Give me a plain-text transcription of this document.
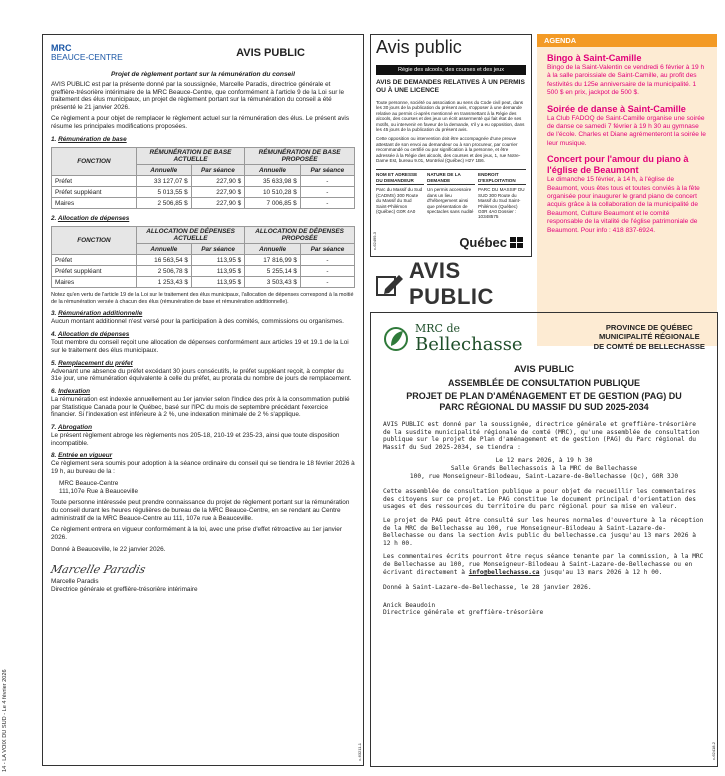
14 - LA VOIX DU SUD - Le 4 février 2026
MRC
BEAUCE-CENTRE	AVIS PUBLIC
Projet de règlement portant sur la rémunération du conseil

AVIS PUBLIC est par la présente donné par la soussignée, Marcelle Paradis, directrice générale et greffière-trésorière intérimaire de la MRC Beauce-Centre, que conformément à l'article 9 de la Loi sur le traitement des élus municipaux, un projet de règlement portant sur la rémunération du conseil a été présenté le 21 janvier 2026.

Ce règlement a pour objet de remplacer le règlement actuel sur la rémunération des élus. Le présent avis résume les principales modifications proposées.

1. Rémunération de base
FONCTION	RÉMUNÉRATION DE BASE ACTUELLE		RÉMUNÉRATION DE BASE PROPOSÉE	
	Annuelle	Par séance	Annuelle	Par séance
Préfet	33 127,07 $	227,90 $	35 633,98 $	-
Préfet suppléant	5 013,55 $	227,90 $	10 510,28 $	-
Maires	2 506,85 $	227,90 $	7 006,85 $	-
2. Allocation de dépenses
FONCTION	ALLOCATION DE DÉPENSES ACTUELLE		ALLOCATION DE DÉPENSES PROPOSÉE	
	Annuelle	Par séance	Annuelle	Par séance
Préfet	16 563,54 $	113,95 $	17 816,99 $	-
Préfet suppléant	2 506,78 $	113,95 $	5 255,14 $	-
Maires	1 253,43 $	113,95 $	3 503,43 $	-

Notez qu'en vertu de l'article 19 de la Loi sur le traitement des élus municipaux, l'allocation de dépenses correspond à la moitié de la rémunération versée à chacun des élus (rémunération de base et rémunération additionnelle).

3. Rémunération additionnelle

Aucun montant additionnel n'est versé pour la participation à des comités, commissions ou organismes.

4. Allocation de dépenses

Tout membre du conseil reçoit une allocation de dépenses conformément aux articles 19 et 19.1 de la Loi sur le traitement des élus municipaux.

5. Remplacement du préfet

Advenant une absence du préfet excédant 30 jours consécutifs, le préfet suppléant reçoit, à compter du 31e jour, une rémunération équivalente à celle du préfet, au prorata du nombre de jours de remplacement.

6. Indexation

La rémunération est indexée annuellement au 1er janvier selon l'Indice des prix à la consommation publié par Statistique Canada pour le Québec, basé sur l'IPC du mois de septembre précédant l'exercice financier. Si l'indexation est inférieure à 2 %, une indexation minimale de 2 % s'applique.

7. Abrogation

Le présent règlement abroge les règlements nos 205-18, 210-19 et 235-23, ainsi que toute disposition incompatible.

8. Entrée en vigueur

Ce règlement sera soumis pour adoption à la séance ordinaire du conseil qui se tiendra le 18 février 2026 à 19 h, au bureau de la :

MRC Beauce-Centre

111,107e Rue à Beauceville

Toute personne intéressée peut prendre connaissance du projet de règlement portant sur la rémunération du conseil durant les heures régulières de bureau de la MRC Beauce-Centre, en se rendant au Centre administratif de la MRC Beauce-Centre au 111, 107e rue à Beauceville.

Ce règlement entrera en vigueur conformément à la loi, avec une prise d'effet rétroactive au 1er janvier 2026.

Donné à Beauceville, le 22 janvier 2026.

Marcelle Paradis

Marcelle Paradis

Directrice générale et greffière-trésorière intérimaire

c-63211-1
Avis public
Régie des alcools, des courses et des jeux
AVIS DE DEMANDES RELATIVES À UN PERMIS OU À UNE LICENCE

Toute personne, société ou association au sens du Code civil peut, dans les 30 jours de la publication du présent avis, s'opposer à une demande relative au permis ci-après mentionné en transmettant à la Régie des alcools, des courses et des jeux un écrit assermenté qui fait état de ses motifs, ou intervenir en faveur de la demande, s'il y a eu opposition, dans les 45 jours de la publication du présent avis.

Cette opposition ou intervention doit être accompagnée d'une preuve attestant de son envoi au demandeur ou à son procureur, par courrier recommandé ou certifié ou par signification à la personne, et être adressée à la Régie des alcools, des courses et des jeux, 1, rue Notre-Dame Est, bureau 9.01, Montréal (Québec) H2Y 1B6.

NOM ET ADRESSE DU DEMANDEUR
Parc du Massif du Sud (CADMS) 300 Route du Massif du Sud Saint-Philémon (Québec) G0R 4A0
NATURE DE LA DEMANDE
Un permis accessoire dans un lieu d'hébergement ainsi que présentation de spectacles sans nudité
ENDROIT D'EXPLOITATION
PARC DU MASSIF DU SUD 300 Route du Massif du Sud Saint-Philémon (Québec) G0R 4A0 Dossier : 10348575
Québec
c-62499-3
AGENDA
Bingo à Saint-Camille
Bingo de la Saint-Valentin ce vendredi 6 février à 19 h à la salle paroissiale de Saint-Camille, au profit des festivités du 125e anniversaire de la municipalité. 1 500 $ en prix, jackpot de 500 $.
Soirée de danse à Saint-Camille
La Club FADOQ de Saint-Camille organise une soirée de danse ce samedi 7 février à 19 h 30 au gymnase de l'école. Charles et Diane agrémenteront la soirée le leur musique.
Concert pour l'amour du piano à l'église de Beaumont
Le dimanche 15 février, à 14 h, à l'église de Beaumont, vous êtes tous et toutes conviés à la fête organisée pour inaugurer le grand piano de concert acquis grâce à la collaboration de la municipalité de Beaumont, Culture Beaumont et le comité responsable de la vitalité de l'église patrimoniale de Beaumont. Pour info : 418 837-6924.
AVIS PUBLIC
MRC de
Bellechasse
PROVINCE DE QUÉBEC
MUNICIPALITÉ RÉGIONALE
DE COMTÉ DE BELLECHASSE
AVIS PUBLIC
ASSEMBLÉE DE CONSULTATION PUBLIQUE
PROJET DE PLAN D'AMÉNAGEMENT ET DE GESTION (PAG) DU PARC RÉGIONAL DU MASSIF DU SUD 2025-2034

AVIS PUBLIC est donné par la soussignée, directrice générale et greffière-trésorière de la susdite municipalité régionale de comté (MRC), qu'une assemblée de consultation publique sur le projet de Plan d'aménagement et de gestion (PAG) du Parc régional du Massif du Sud 2025-2034, se tiendra :

Le 12 mars 2026, à 19 h 30
Salle Grands Bellechassois à la MRC de Bellechasse
100, rue Monseigneur-Bilodeau, Saint-Lazare-de-Bellechasse (Qc), G0R 3J0

Cette assemblée de consultation publique a pour objet de recueillir les commentaires des citoyens sur ce projet. Le PAG constitue le document principal d'orientation des usages et des ressources du territoire du parc régional pour sa mise en valeur.

Le projet de PAG peut être consulté sur les heures normales d'ouverture à la réception de la MRC de Bellechasse au 100, rue Monseigneur-Bilodeau à Saint-Lazare-de-Bellechasse ou dans la section Avis public du bellechasse.ca jusqu'au 13 mars 2026 à 12 h 00.

Les commentaires écrits pourront être reçus séance tenante par la commission, à la MRC de Bellechasse au 100, rue Monseigneur-Bilodeau à Saint-Lazare-de-Bellechasse ou en écrivant directement à info@bellechasse.ca jusqu'au 13 mars 2026 à 12 h 00.

Donné à Saint-Lazare-de-Bellechasse, le 28 janvier 2026.

Anick Beaudoin

Directrice générale et greffière-trésorière

c-62418-2
